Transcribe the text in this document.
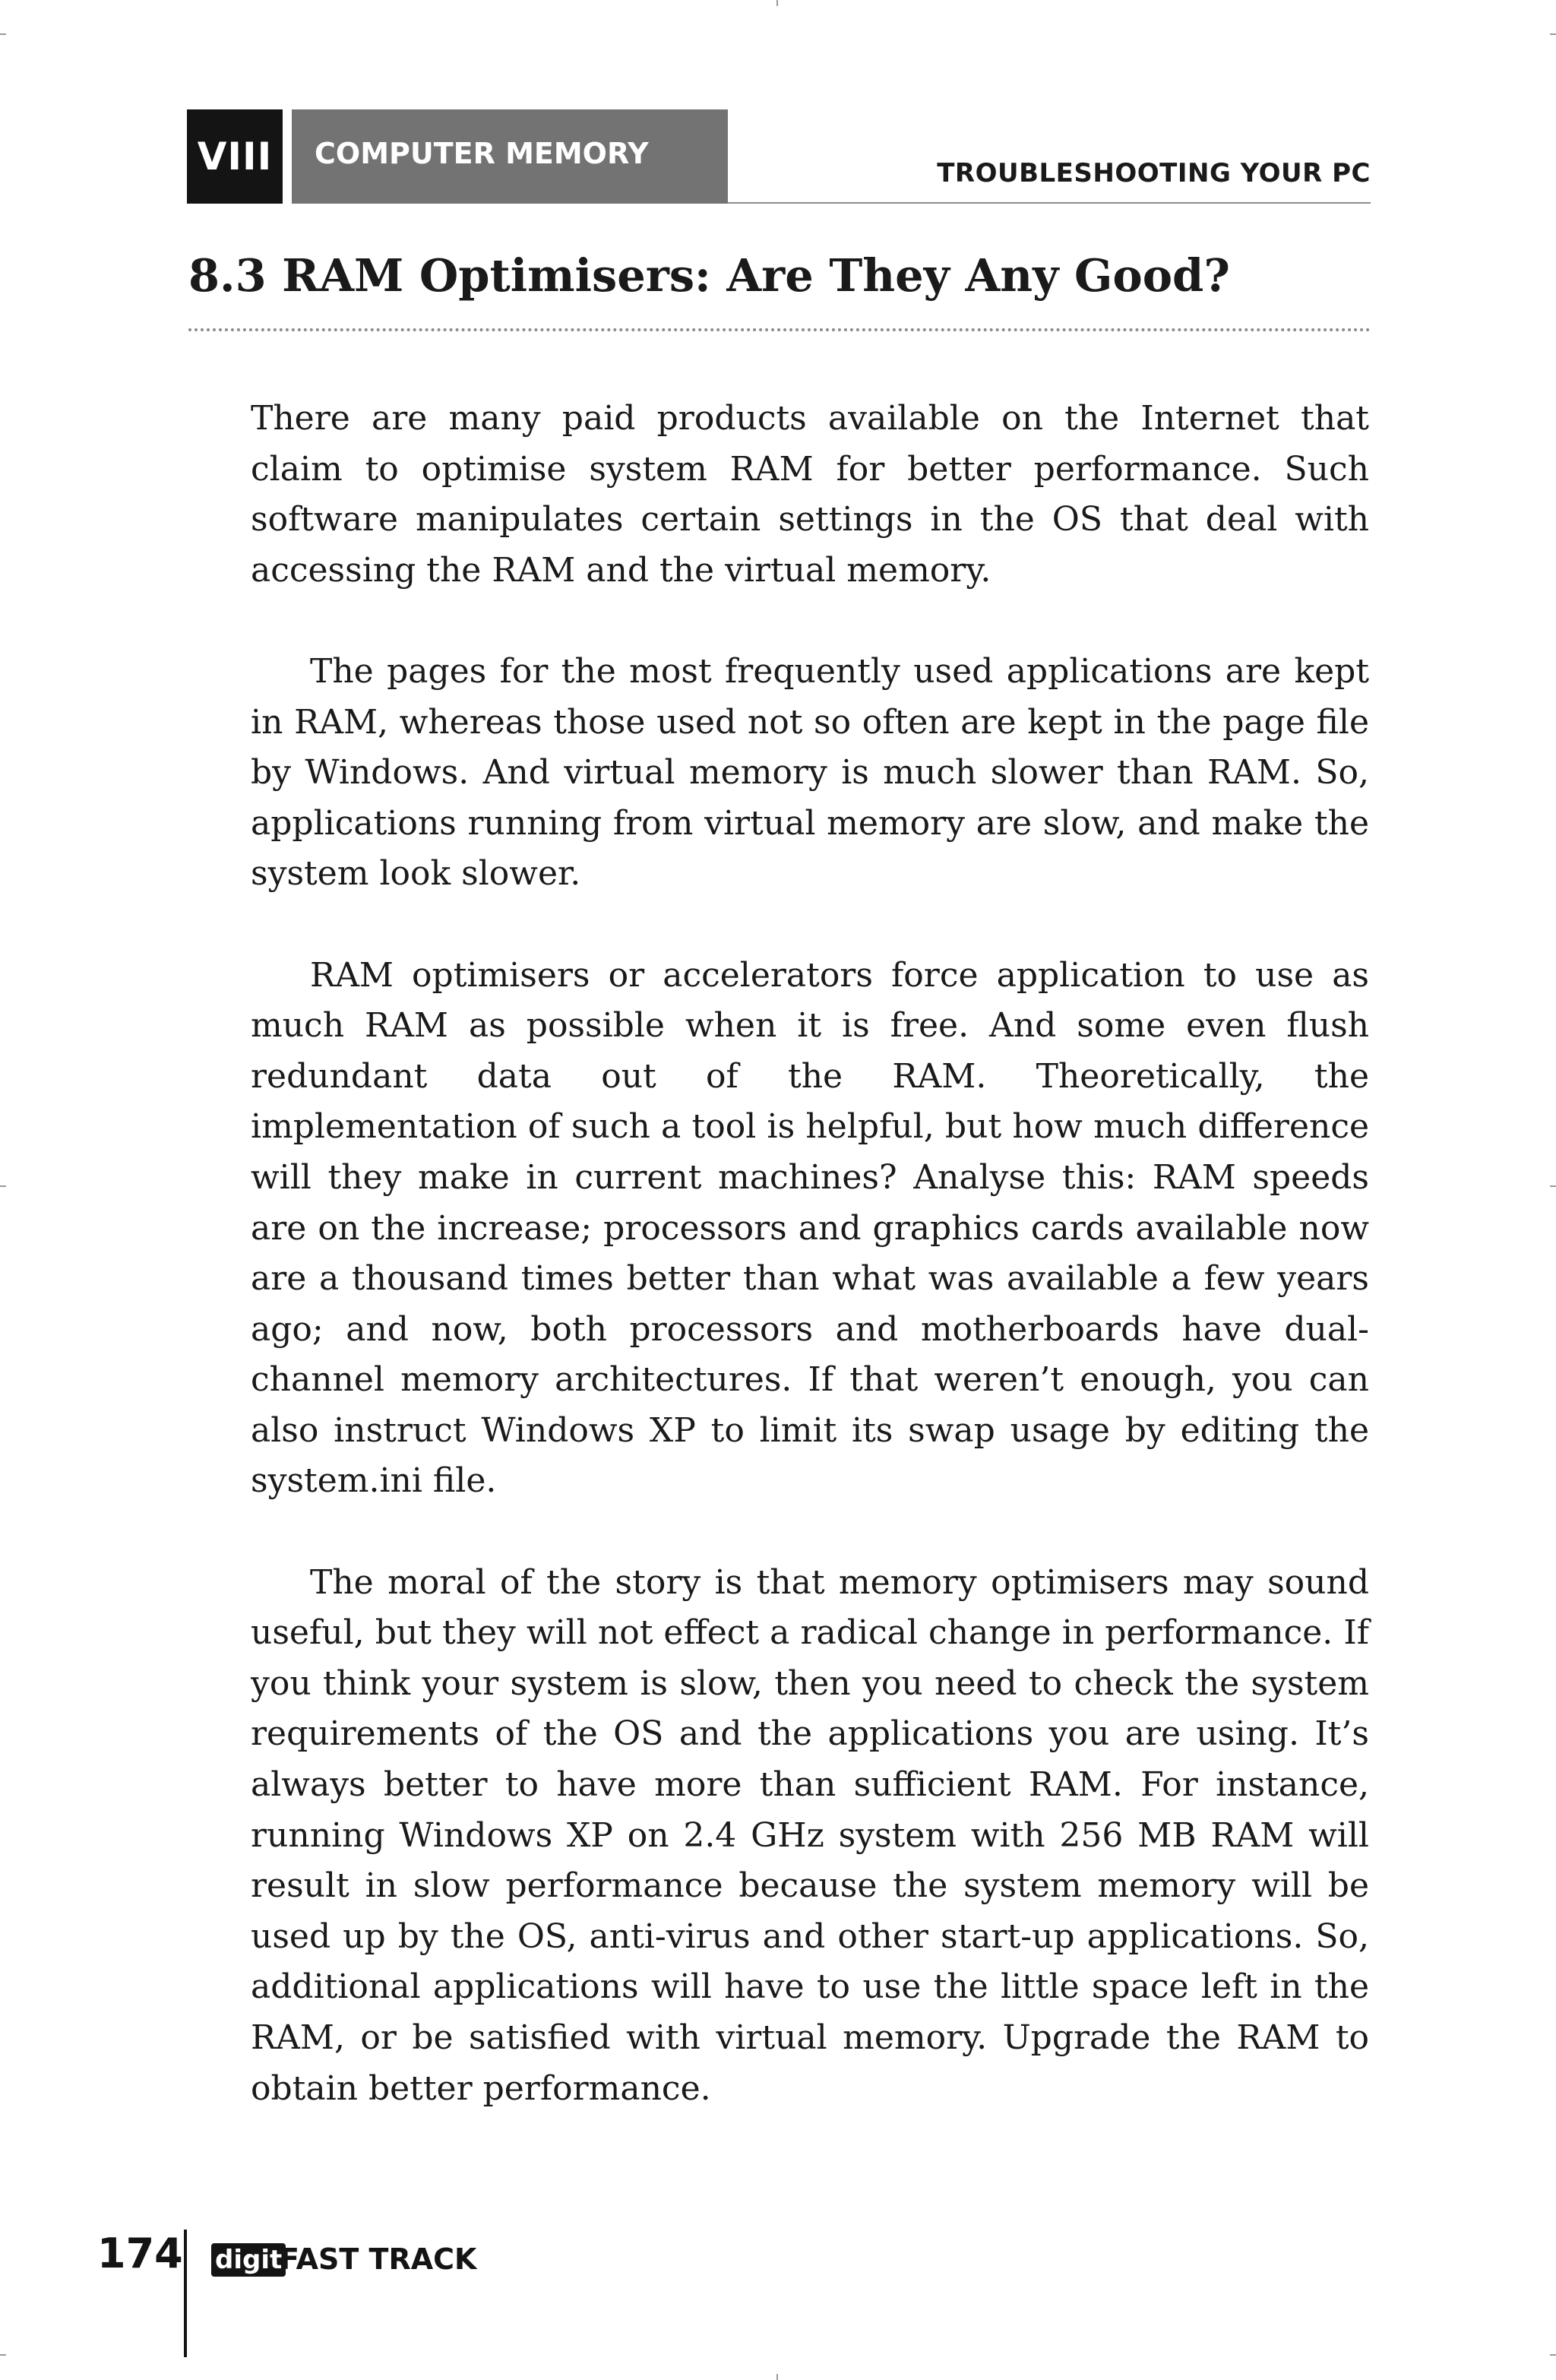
VIII	COMPUTER MEMORY
TROUBLESHOOTING YOUR PC
8.3 RAM Optimisers: Are They Any Good?

There are many paid products available on the Internet that claim to optimise system RAM for better performance. Such software manipulates certain settings in the OS that deal with accessing the RAM and the virtual memory.

The pages for the most frequently used applications are kept in RAM, whereas those used not so often are kept in the page file by Windows. And virtual memory is much slower than RAM. So, applications running from virtual memory are slow, and make the system look slower.

RAM optimisers or accelerators force application to use as much RAM as possible when it is free. And some even flush redundant data out of the RAM. Theoretically, the implementation of such a tool is helpful, but how much difference will they make in current machines? Analyse this: RAM speeds are on the increase; processors and graphics cards available now are a thousand times better than what was available a few years ago; and now, both processors and motherboards have dual-channel memory architectures. If that weren’t enough, you can also instruct Windows XP to limit its swap usage by editing the system.ini file.

The moral of the story is that memory optimisers may sound useful, but they will not effect a radical change in performance. If you think your system is slow, then you need to check the system requirements of the OS and the applications you are using. It’s always better to have more than sufficient RAM. For instance, running Windows XP on 2.4 GHz system with 256 MB RAM will result in slow performance because the system memory will be used up by the OS, anti-virus and other start-up applications. So, additional applications will have to use the little space left in the RAM, or be satisfied with virtual memory. Upgrade the RAM to obtain better performance.

174 digit
FAST TRACK
